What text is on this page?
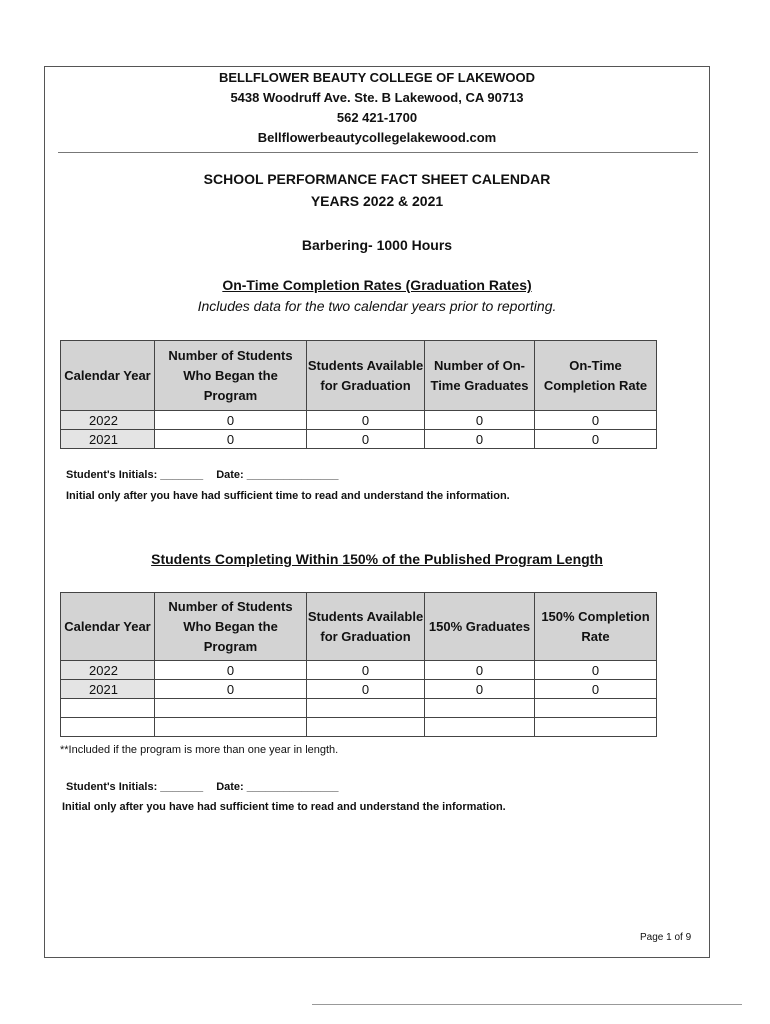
BELLFLOWER BEAUTY COLLEGE OF LAKEWOOD
5438 Woodruff Ave. Ste. B Lakewood, CA 90713
562 421-1700
Bellflowerbeautycollegelakewood.com
SCHOOL PERFORMANCE FACT SHEET CALENDAR
YEARS 2022 & 2021
Barbering- 1000 Hours
On-Time Completion Rates (Graduation Rates)
Includes data for the two calendar years prior to reporting.
Calendar Year	Number of Students Who Began the Program	Students Available for Graduation	Number of On-Time Graduates	On-Time Completion Rate
2022	0	0	0	0
2021	0	0	0	0
Student's Initials: _______ Date: _______________
Initial only after you have had sufficient time to read and understand the information.
Students Completing Within 150% of the Published Program Length
Calendar Year	Number of Students Who Began the Program	Students Available for Graduation	150% Graduates	150% Completion Rate
2022	0	0	0	0
2021	0	0	0	0

**Included if the program is more than one year in length.
Student's Initials: _______ Date: _______________
Initial only after you have had sufficient time to read and understand the information.
Page 1 of 9
